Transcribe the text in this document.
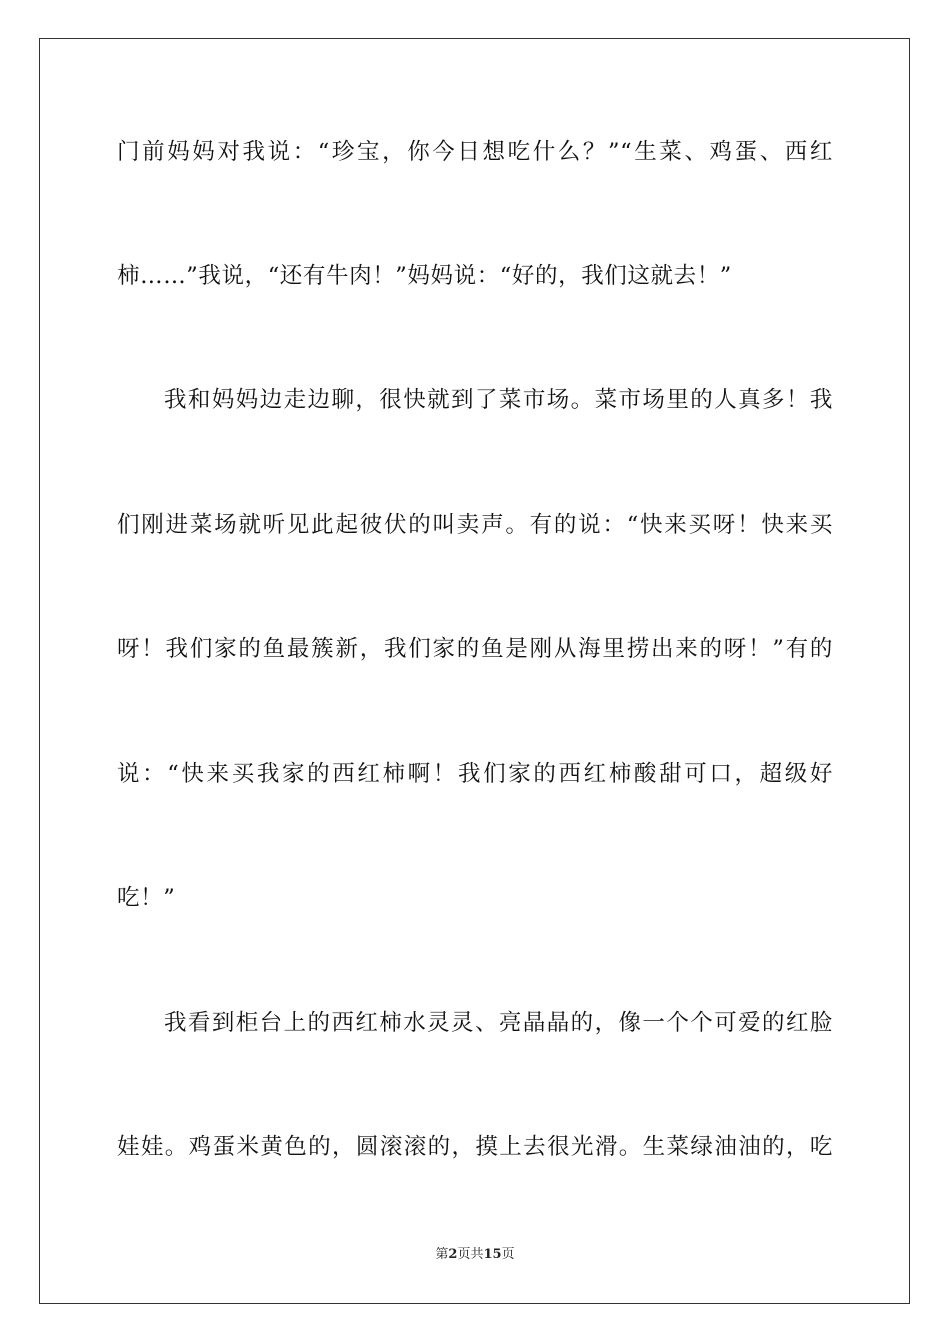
门前妈妈对我说：“珍宝，你今日想吃什么？”“生菜、鸡蛋、西红
柿……”我说，“还有牛肉！”妈妈说：“好的，我们这就去！”
我和妈妈边走边聊，很快就到了菜市场。菜市场里的人真多！我
们刚进菜场就听见此起彼伏的叫卖声。有的说：“快来买呀！快来买
呀！我们家的鱼最簇新，我们家的鱼是刚从海里捞出来的呀！”有的
说：“快来买我家的西红柿啊！我们家的西红柿酸甜可口，超级好
吃！”
我看到柜台上的西红柿水灵灵、亮晶晶的，像一个个可爱的红脸
娃娃。鸡蛋米黄色的，圆滚滚的，摸上去很光滑。生菜绿油油的，吃
第2页共15页
